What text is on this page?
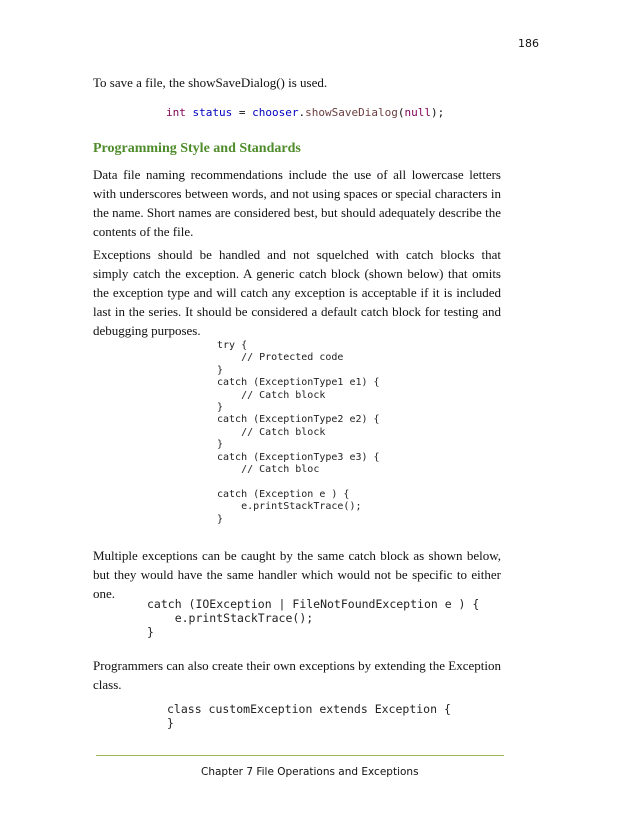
186

To save a file, the showSaveDialog() is used.

int status = chooser.showSaveDialog(null);
Programming Style and Standards

Data file naming recommendations include the use of all lowercase letters with underscores between words, and not using spaces or special characters in the name. Short names are considered best, but should adequately describe the contents of the file.

Exceptions should be handled and not squelched with catch blocks that simply catch the exception. A generic catch block (shown below) that omits the exception type and will catch any exception is acceptable if it is included last in the series. It should be considered a default catch block for testing and debugging purposes.

try {
// Protected code
}
catch (ExceptionType1 e1) {
// Catch block
}
catch (ExceptionType2 e2) {
// Catch block
}
catch (ExceptionType3 e3) {
// Catch bloc

catch (Exception e ) {
e.printStackTrace();
}

Multiple exceptions can be caught by the same catch block as shown below, but they would have the same handler which would not be specific to either one.

catch (IOException | FileNotFoundException e ) {
e.printStackTrace();
}

Programmers can also create their own exceptions by extending the Exception class.

class customException extends Exception {
}
Chapter 7 File Operations and Exceptions
